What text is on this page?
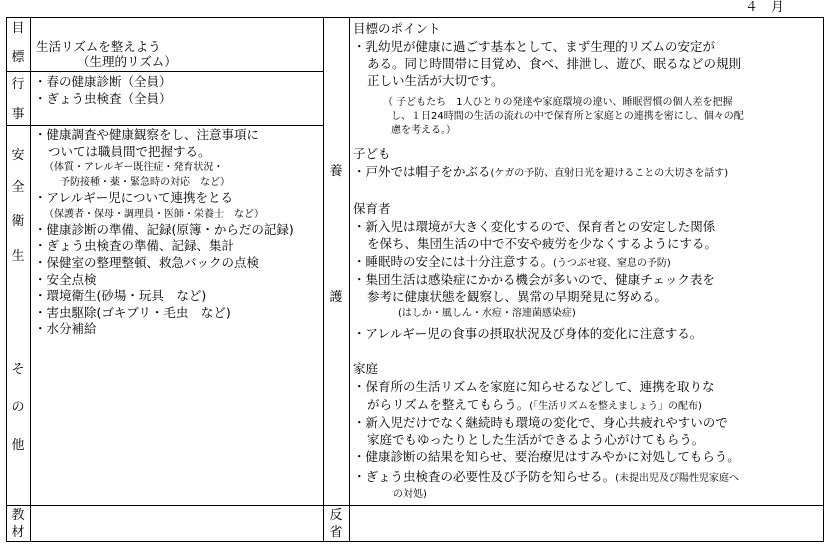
４　月
目
標
行
事
安
全
衛
生
そ
の
他
教
材
養
護
反
省
生活リズムを整えよう
（生理的リズム）
・春の健康診断（全員）
・ぎょう虫検査（全員）
・健康調査や健康観察をし、注意事項に
ついては職員間で把握する。
（体質・アレルギー既往症・発育状況・
予防接種・薬・緊急時の対応　など）
・アレルギー児について連携をとる
（保護者・保母・調理員・医師・栄養士　など）
・健康診断の準備、記録(原簿・からだの記録)
・ぎょう虫検査の準備、記録、集計
・保健室の整理整頓、救急バックの点検
・安全点検
・環境衛生(砂場・玩具　など)
・害虫駆除(ゴキブリ・毛虫　など)
・水分補給
目標のポイント
・乳幼児が健康に過ごす基本として、まず生理的リズムの安定が
ある。同じ時間帯に目覚め、食べ、排泄し、遊び、眠るなどの規則
正しい生活が大切です。
（ 子どもたち　1人ひとりの発達や家庭環境の違い、睡眠習慣の個人差を把握
し、１日24時間の生活の流れの中で保育所と家庭との連携を密にし、個々の配
慮を考える。）
子ども
・戸外では帽子をかぶる(ケガの予防、直射日光を避けることの大切さを話す)
保育者
・新入児は環境が大きく変化するので、保育者との安定した関係
を保ち、集団生活の中で不安や疲労を少なくするようにする。
・睡眠時の安全には十分注意する。(うつぶせ寝、窒息の予防)
・集団生活は感染症にかかる機会が多いので、健康チェック表を
参考に健康状態を観察し、異常の早期発見に努める。
(はしか・風しん・水痘・溶連菌感染症)
・アレルギー児の食事の摂取状況及び身体的変化に注意する。
家庭
・保育所の生活リズムを家庭に知らせるなどして、連携を取りな
がらリズムを整えてもらう。(「生活リズムを整えましょう」の配布)
・新入児だけでなく継続時も環境の変化で、身心共疲れやすいので
家庭でもゆったりとした生活ができるよう心がけてもらう。
・健康診断の結果を知らせ、要治療児はすみやかに対処してもらう。
・ぎょう虫検査の必要性及び予防を知らせる。(未提出児及び陽性児家庭へ
の対処)
